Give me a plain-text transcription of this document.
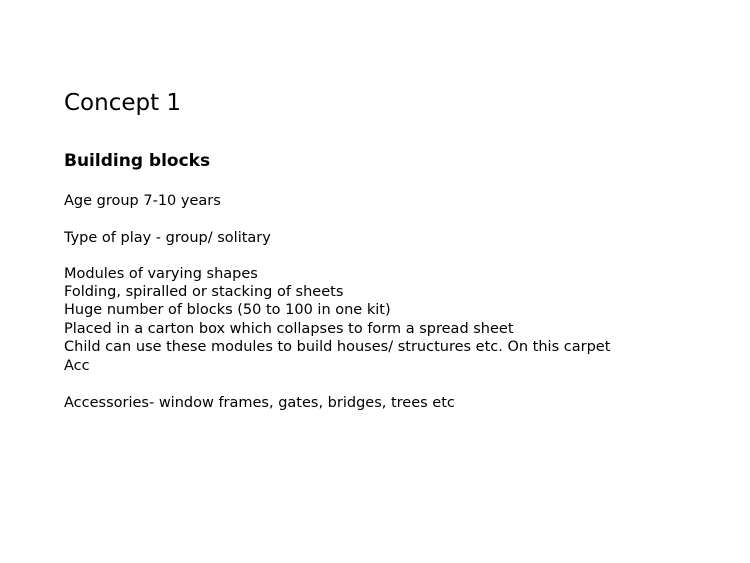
Concept 1
Building blocks

Age group 7-10 years

Type of play - group/ solitary

Modules of varying shapes

Folding, spiralled or stacking of sheets

Huge number of blocks (50 to 100 in one kit)

Placed in a carton box which collapses to form a spread sheet

Child can use these modules to build houses/ structures etc. On this carpet

Acc

Accessories- window frames, gates, bridges, trees etc
